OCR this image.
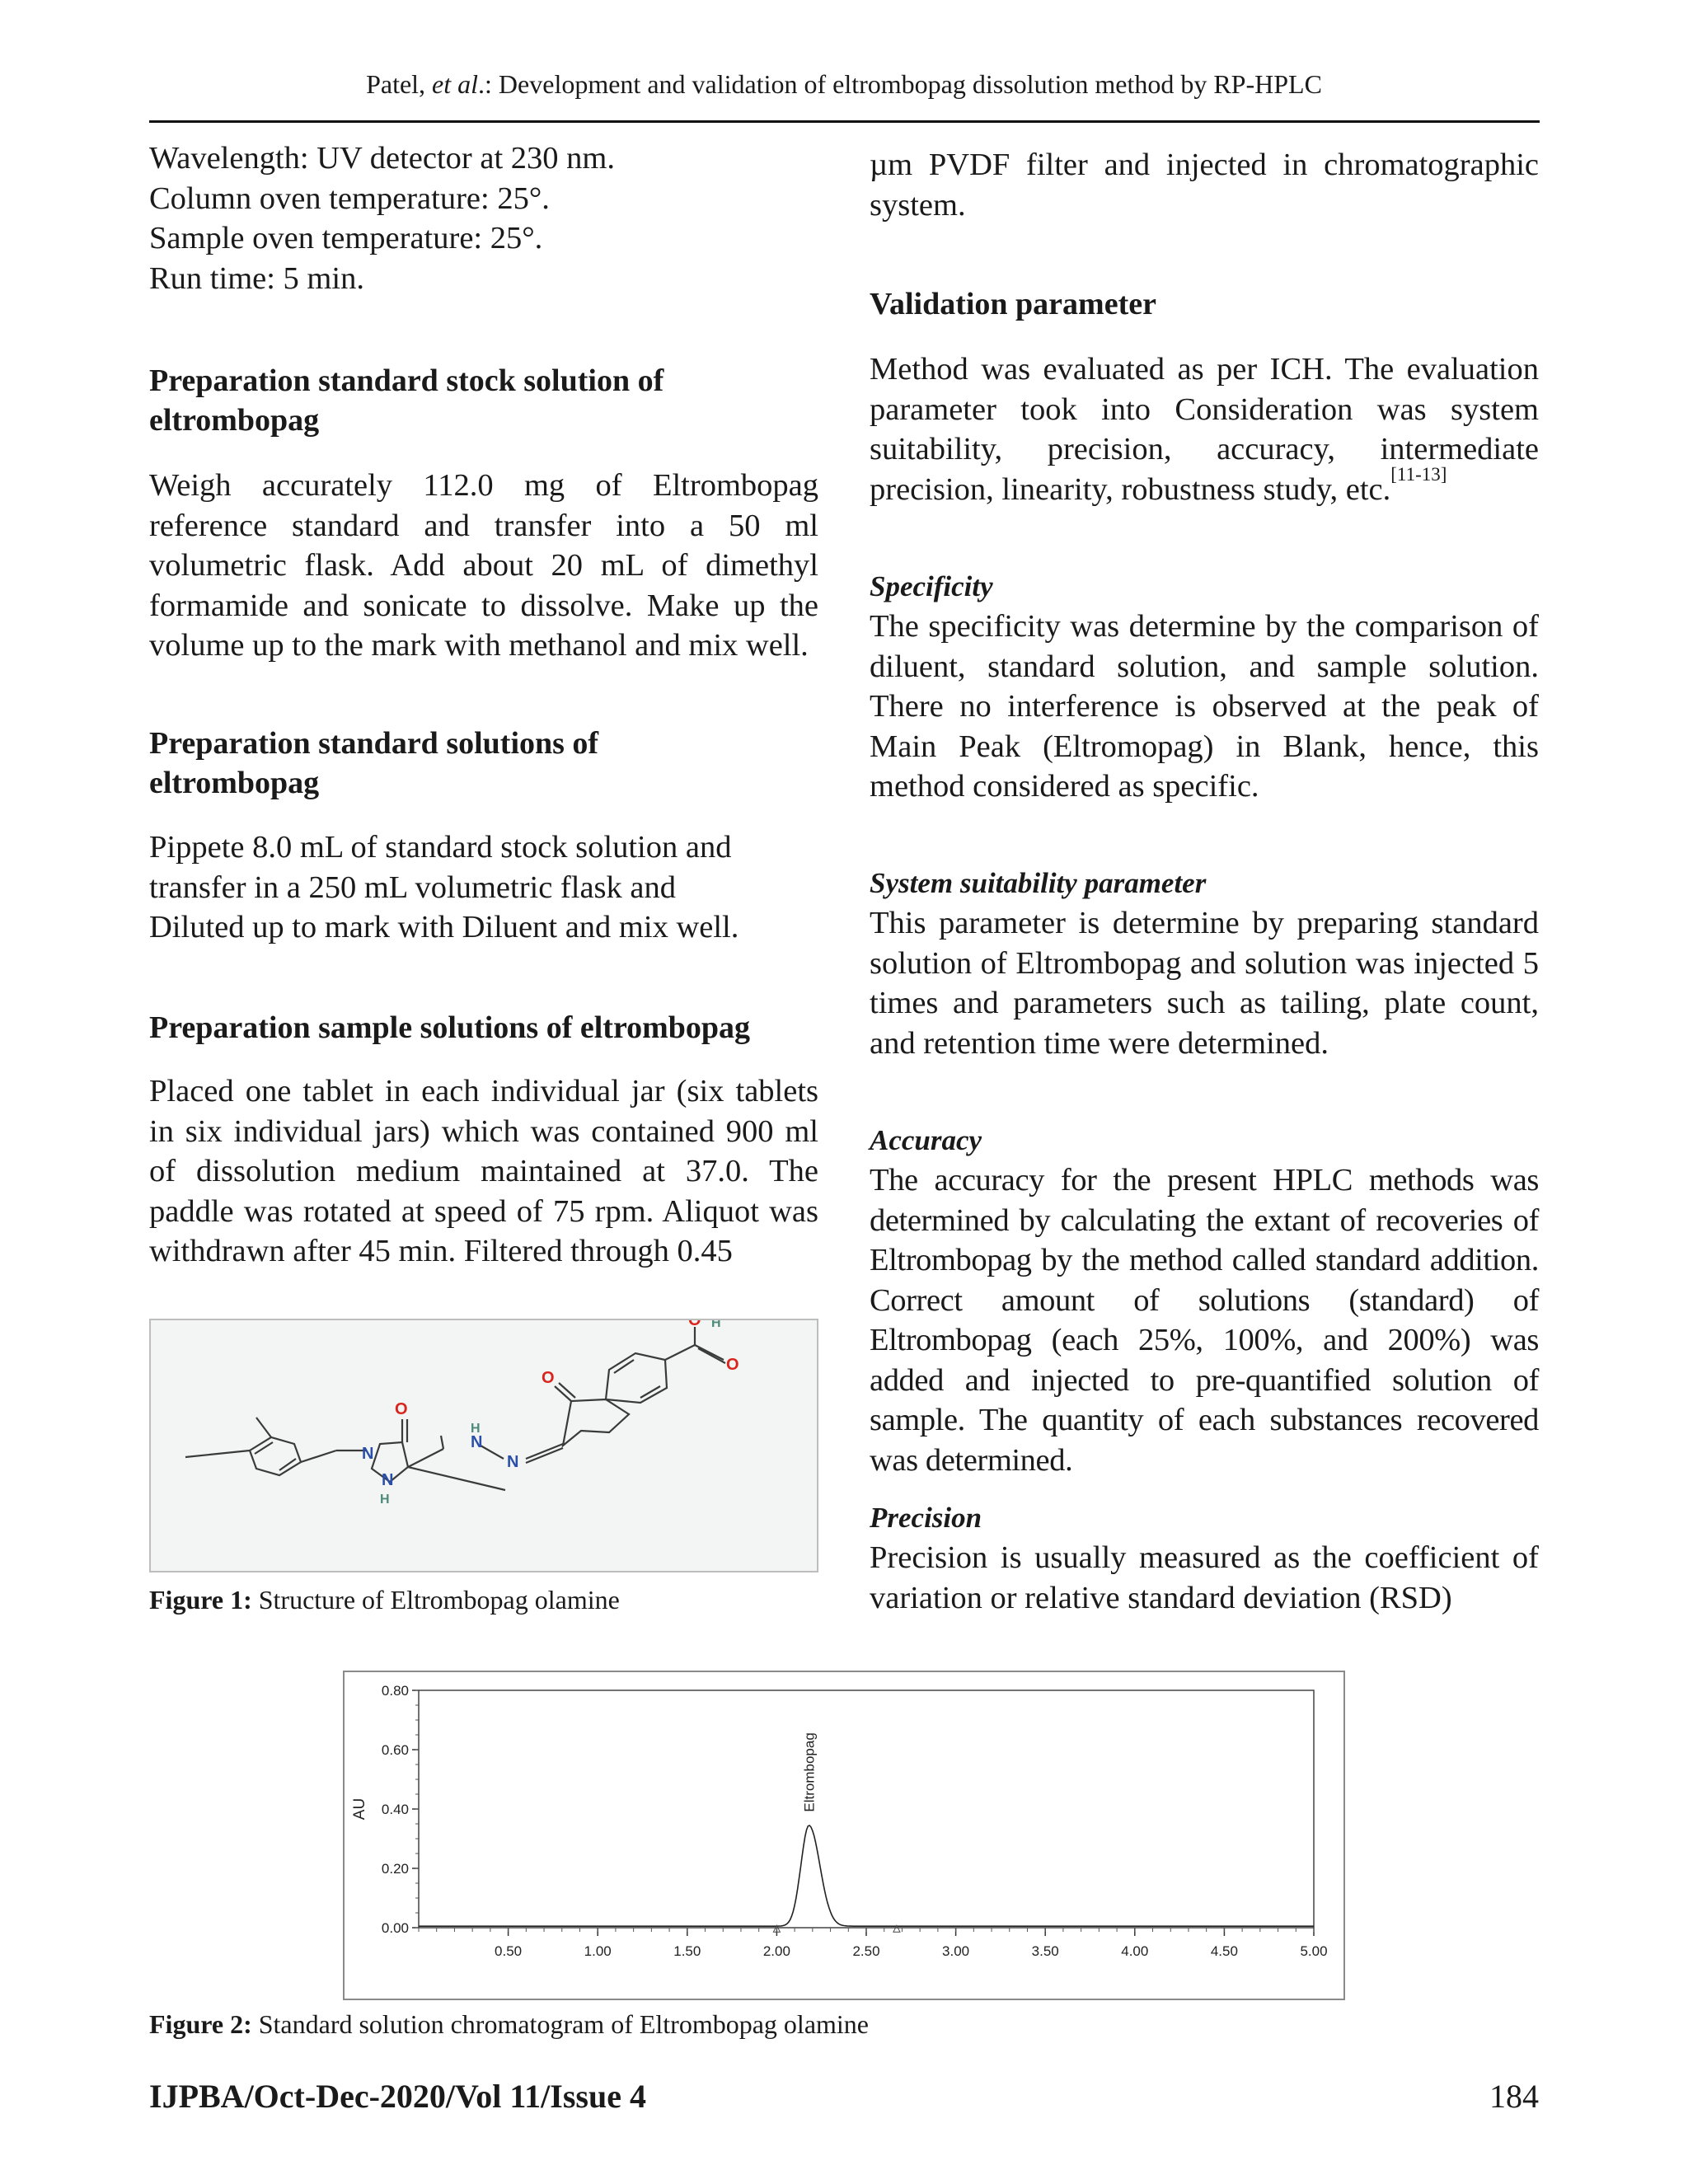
Patel, et al.: Development and validation of eltrombopag dissolution method by RP-HPLC

Wavelength: UV detector at 230 nm.

Column oven temperature: 25°.

Sample oven temperature: 25°.

Run time: 5 min.

Preparation standard stock solution of eltrombopag

Weigh accurately 112.0 mg of Eltrombopag reference standard and transfer into a 50 ml volumetric flask. Add about 20 mL of dimethyl formamide and sonicate to dissolve. Make up the volume up to the mark with methanol and mix well.

Preparation standard solutions of eltrombopag

Pippete 8.0 mL of standard stock solution and transfer in a 250 mL volumetric flask and

Diluted up to mark with Diluent and mix well.

Preparation sample solutions of eltrombopag

Placed one tablet in each individual jar (six tablets in six individual jars) which was contained 900 ml of dissolution medium maintained at 37.0. The paddle was rotated at speed of 75 rpm. Aliquot was withdrawn after 45 min. Filtered through 0.45

µm PVDF filter and injected in chromatographic system.

Validation parameter

Method was evaluated as per ICH. The evaluation parameter took into Consideration was system suitability, precision, accuracy, intermediate precision, linearity, robustness study, etc.[11-13]

Specificity

The specificity was determine by the comparison of diluent, standard solution, and sample solution. There no interference is observed at the peak of Main Peak (Eltromopag) in Blank, hence, this method considered as specific.

System suitability parameter

This parameter is determine by preparing standard solution of Eltrombopag and solution was injected 5 times and parameters such as tailing, plate count, and retention time were determined.

Accuracy

The accuracy for the present HPLC methods was determined by calculating the extant of recoveries of Eltrombopag by the method called standard addition. Correct amount of solutions (standard) of Eltrombopag (each 25%, 100%, and 200%) was added and injected to pre-quantified solution of sample. The quantity of each substances recovered was determined.

Precision

Precision is usually measured as the coefficient of variation or relative standard deviation (RSD)

O
N
N
H
N
H
N
O
O H
O
Figure 1: Structure of Eltrombopag olamine
0.00
0.20
0.40
0.60
0.80
0.50	1.00	1.50	2.00	2.50	3.00	3.50	4.00	4.50	5.00
Eltrombopag
AU
Figure 2: Standard solution chromatogram of Eltrombopag olamine
IJPBA/Oct-Dec-2020/Vol 11/Issue 4	184
